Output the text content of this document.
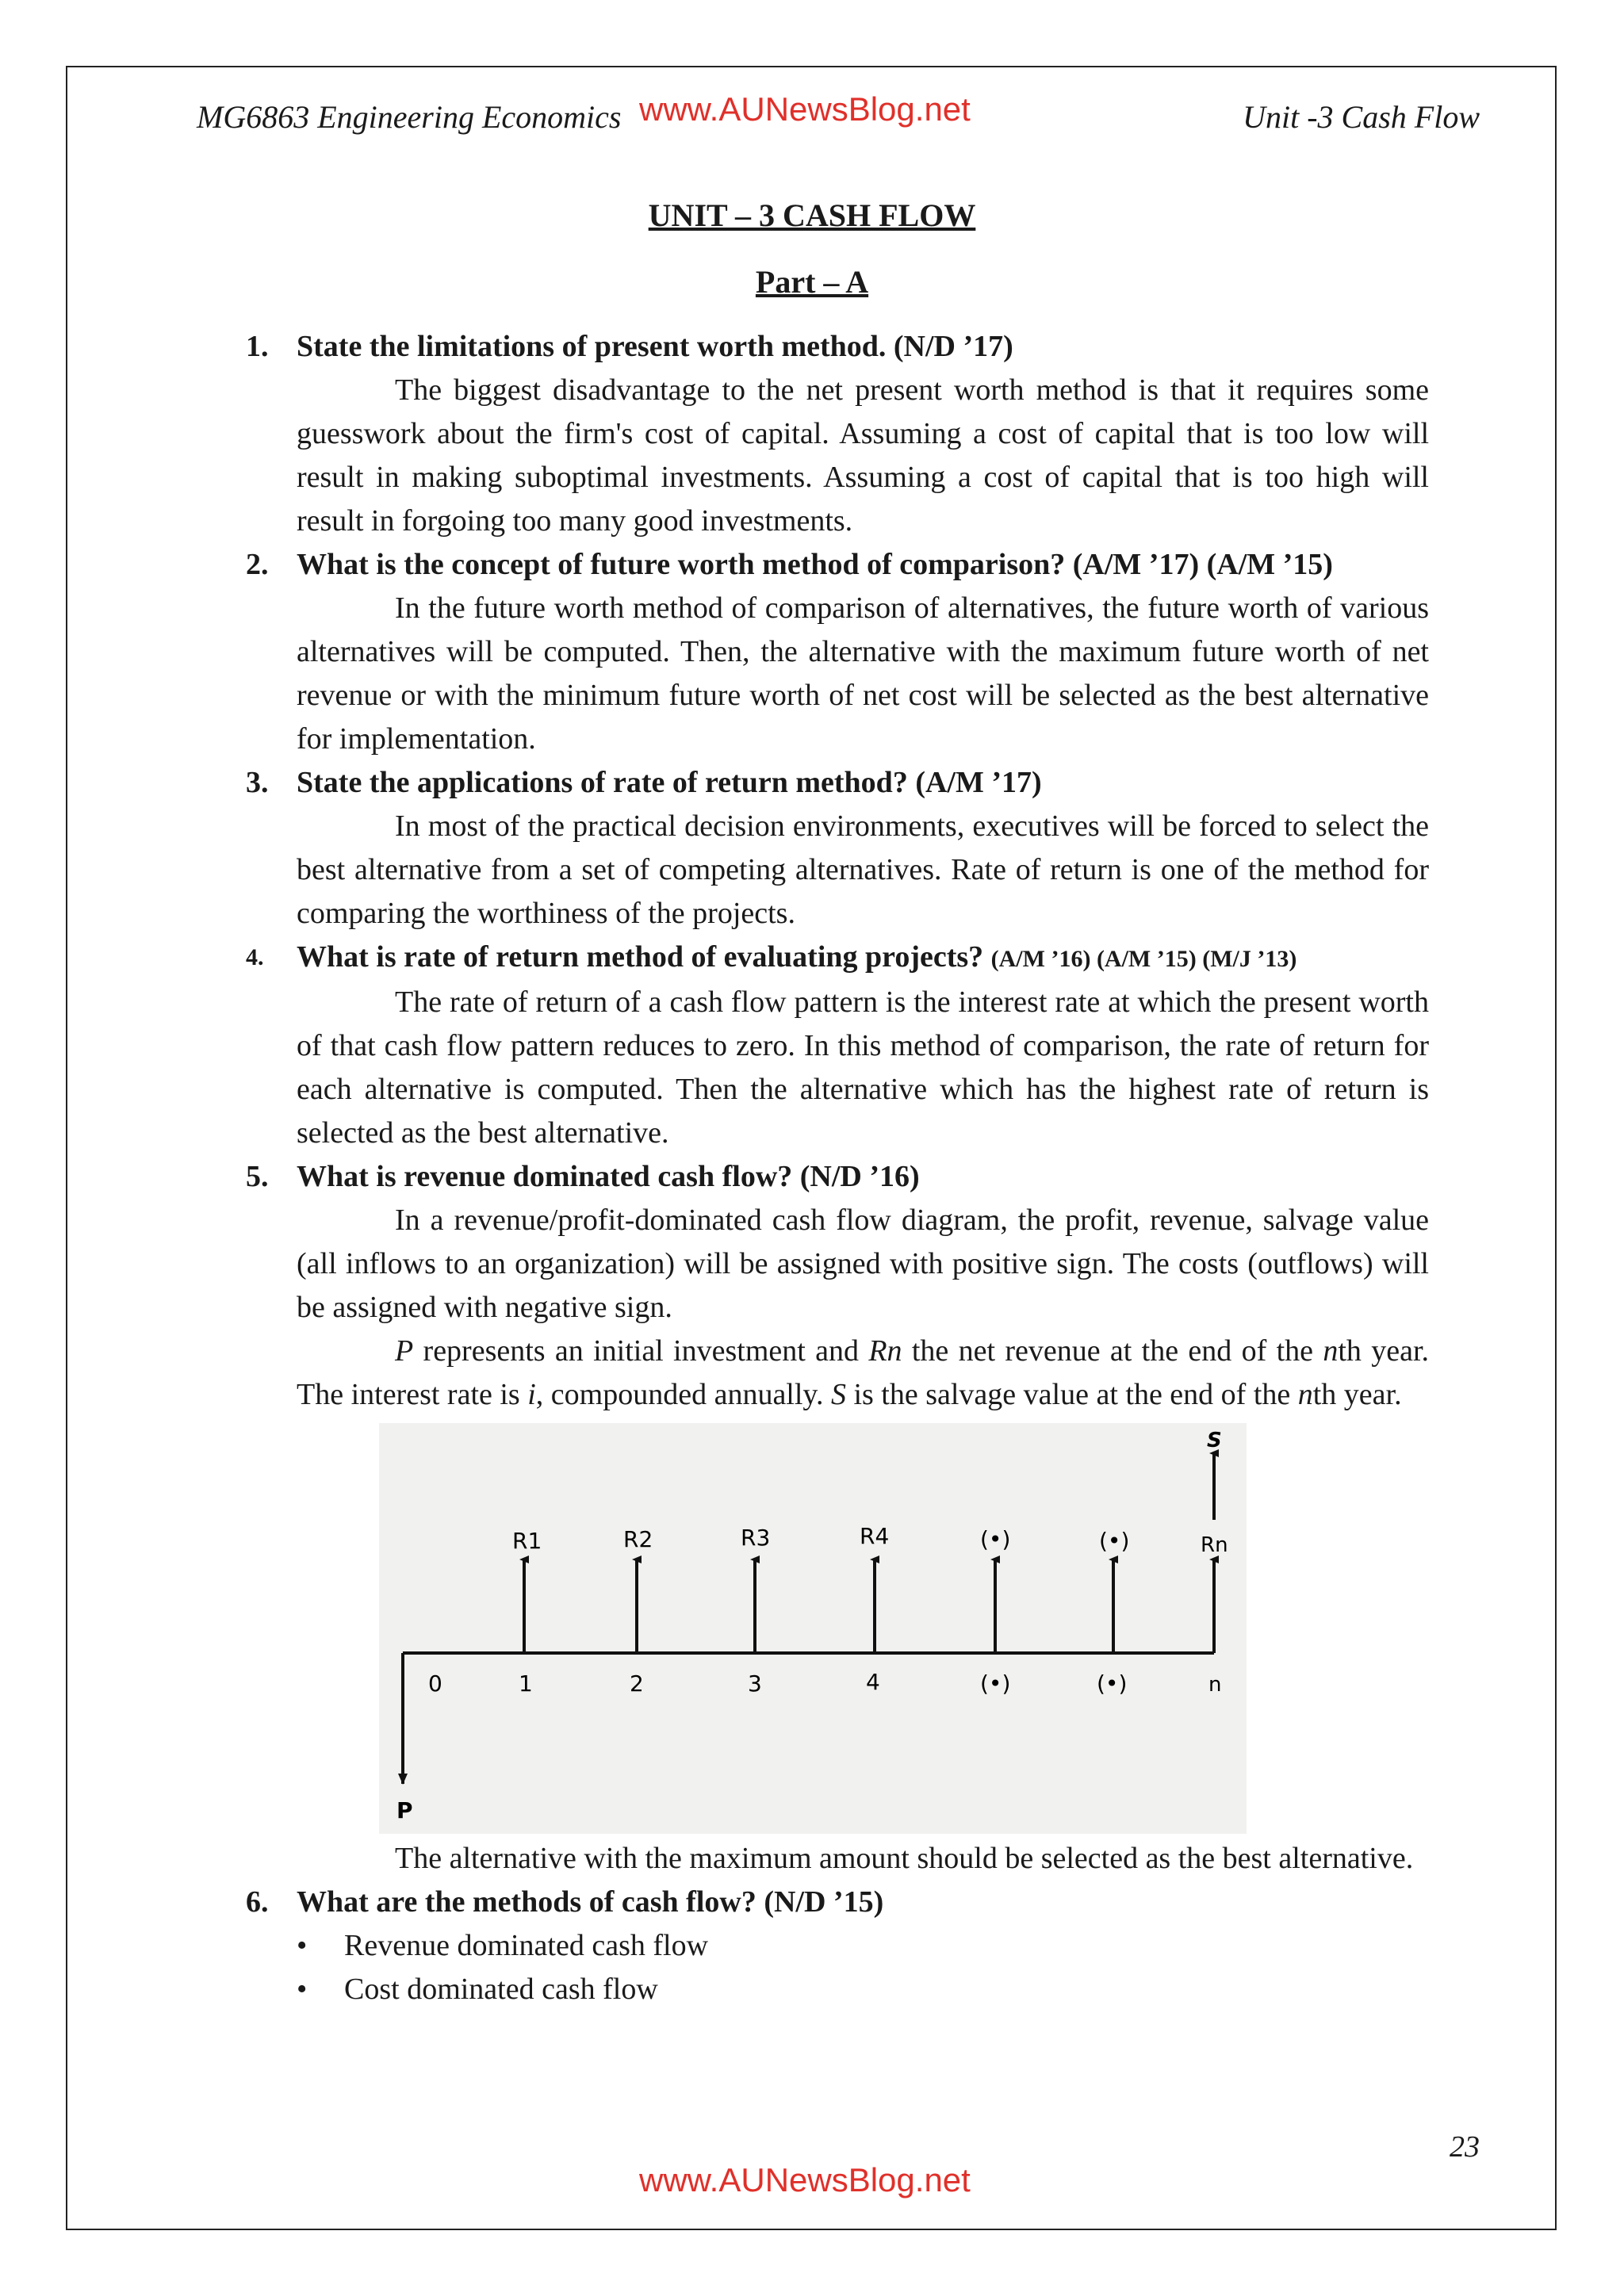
MG6863 Engineering Economics www.AUNewsBlog.net	Unit -3 Cash Flow
UNIT – 3 CASH FLOW
Part – A
1. State the limitations of present worth method. (N/D ’17)
The biggest disadvantage to the net present worth method is that it requires some guesswork about the firm's cost of capital. Assuming a cost of capital that is too low will result in making suboptimal investments. Assuming a cost of capital that is too high will result in forgoing too many good investments.
2. What is the concept of future worth method of comparison? (A/M ’17) (A/M ’15)
In the future worth method of comparison of alternatives, the future worth of various alternatives will be computed. Then, the alternative with the maximum future worth of net revenue or with the minimum future worth of net cost will be selected as the best alternative for implementation.
3. State the applications of rate of return method? (A/M ’17)
In most of the practical decision environments, executives will be forced to select the best alternative from a set of competing alternatives. Rate of return is one of the method for comparing the worthiness of the projects.
4. What is rate of return method of evaluating projects? (A/M ’16) (A/M ’15) (M/J ’13)
The rate of return of a cash flow pattern is the interest rate at which the present worth of that cash flow pattern reduces to zero. In this method of comparison, the rate of return for each alternative is computed. Then the alternative which has the highest rate of return is selected as the best alternative.
5. What is revenue dominated cash flow? (N/D ’16)
In a revenue/profit-dominated cash flow diagram, the profit, revenue, salvage value (all inflows to an organization) will be assigned with positive sign. The costs (outflows) will be assigned with negative sign.
P represents an initial investment and Rn the net revenue at the end of the nth year. The interest rate is i, compounded annually. S is the salvage value at the end of the nth year.
P
S
R1	R2	R3	R4	(•)	(•)	Rn
0	1	2	3	4	(•)	(•)	n
The alternative with the maximum amount should be selected as the best alternative.
6. What are the methods of cash flow? (N/D ’15)
• Revenue dominated cash flow
• Cost dominated cash flow
23
www.AUNewsBlog.net
